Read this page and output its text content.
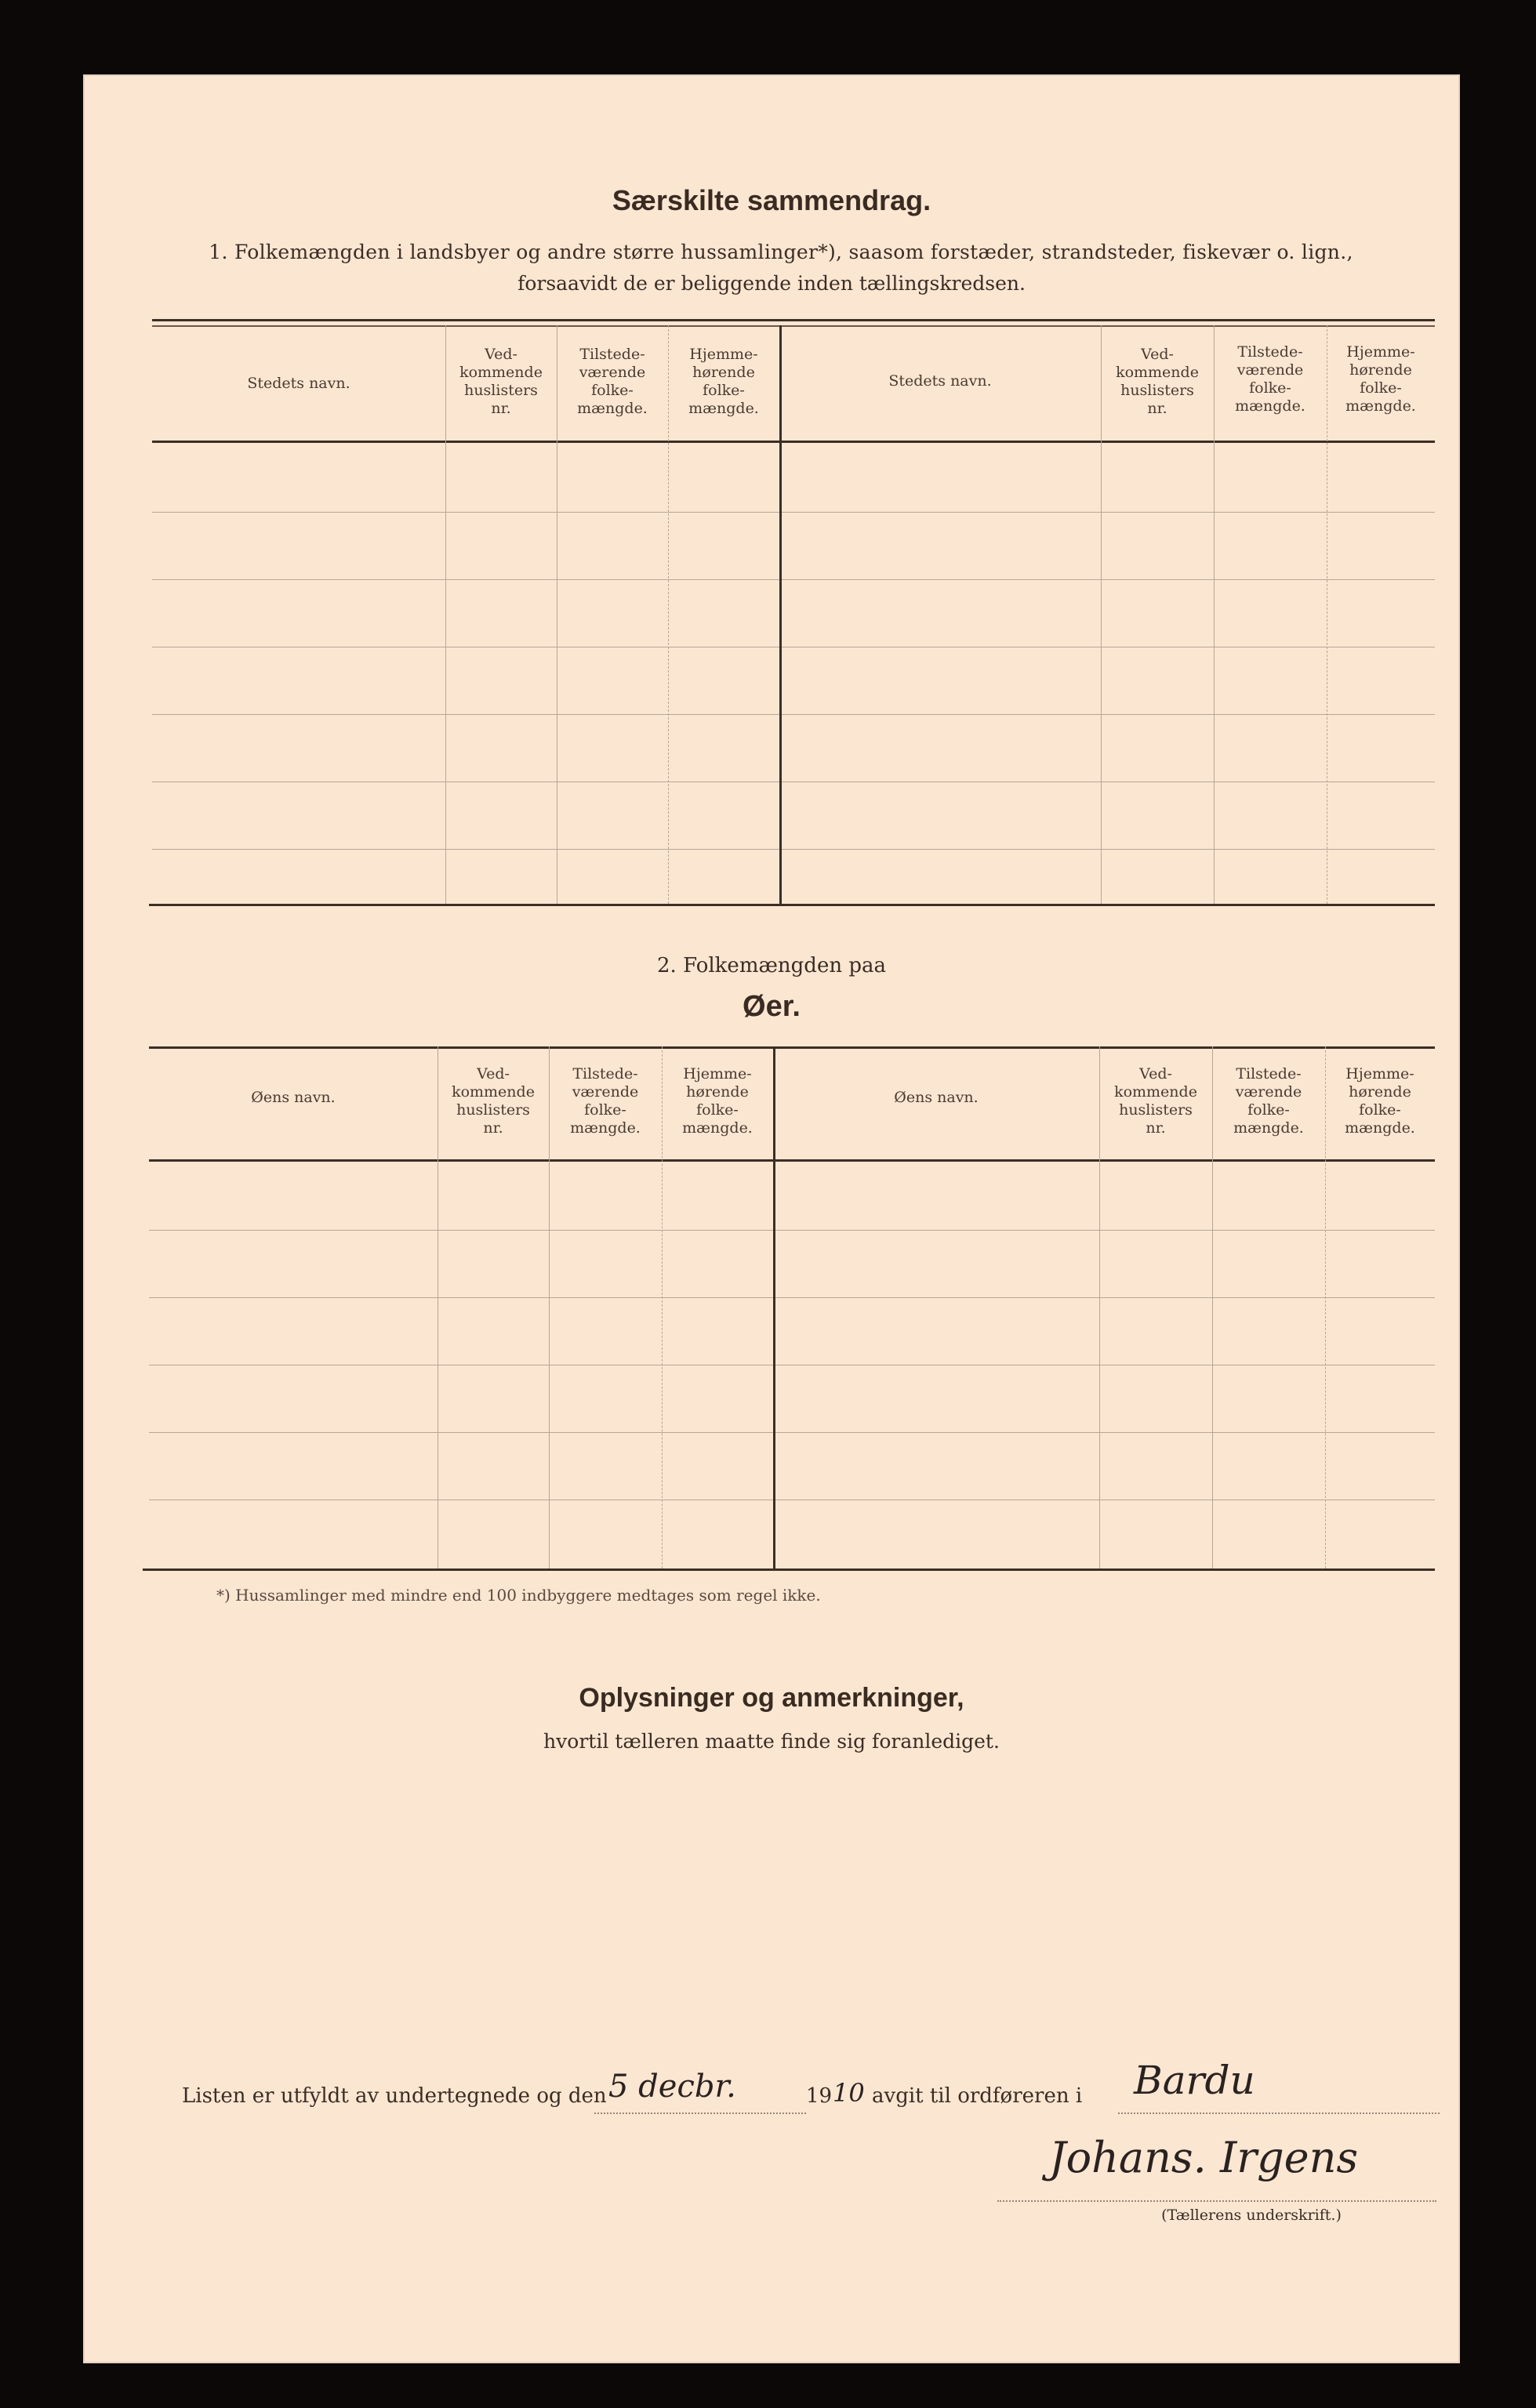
Særskilte sammendrag.
1. Folkemængden i landsbyer og andre større hussamlinger*), saasom forstæder, strandsteder, fiskevær o. lign.,
forsaavidt de er beliggende inden tællingskredsen.
Stedets navn.
Ved-
kommende
huslisters
nr.
Tilstede-
værende
folke-
mængde.
Hjemme-
hørende
folke-
mængde.
Stedets navn.
Ved-
kommende
huslisters
nr.
Tilstede-
værende
folke-
mængde.
Hjemme-
hørende
folke-
mængde.
2. Folkemængden paa
Øer.
Øens navn.
Ved-
kommende
huslisters
nr.
Tilstede-
værende
folke-
mængde.
Hjemme-
hørende
folke-
mængde.
Øens navn.
Ved-
kommende
huslisters
nr.
Tilstede-
værende
folke-
mængde.
Hjemme-
hørende
folke-
mængde.
*) Hussamlinger med mindre end 100 indbyggere medtages som regel ikke.
Oplysninger og anmerkninger,
hvortil tælleren maatte finde sig foranlediget.
Listen er utfyldt av undertegnede og den 5 decbr.	19 10 avgit til ordføreren i Bardu
Johans. Irgens
(Tællerens underskrift.)
